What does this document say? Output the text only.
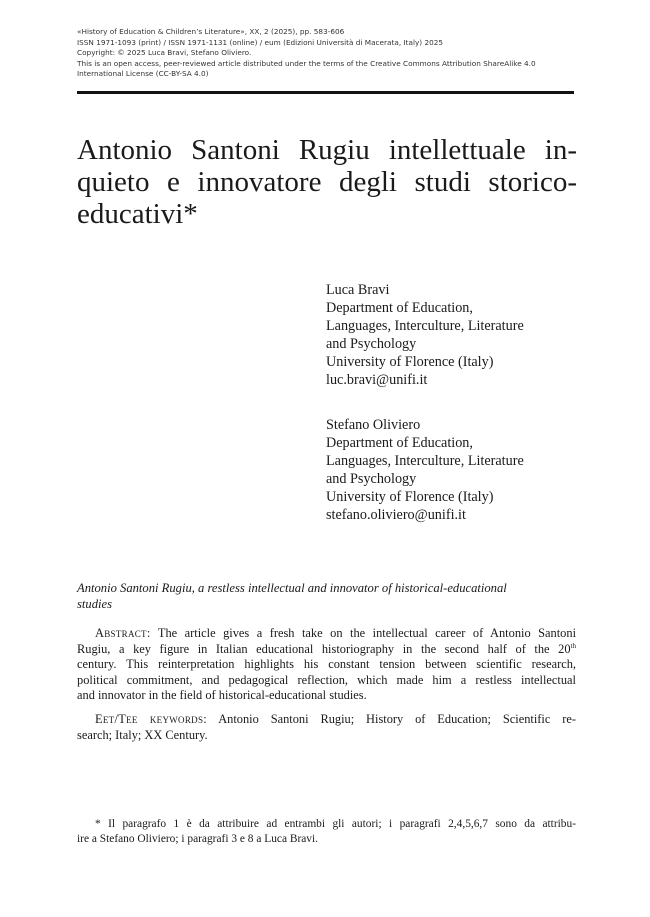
«History of Education & Children’s Literature», XX, 2 (2025), pp. 583-606
ISSN 1971-1093 (print) / ISSN 1971-1131 (online) / eum (Edizioni Università di Macerata, Italy) 2025
Copyright: © 2025 Luca Bravi, Stefano Oliviero.
This is an open access, peer-reviewed article distributed under the terms of the Creative Commons Attribution ShareAlike 4.0
International License (CC-BY-SA 4.0)
Antonio Santoni Rugiu intellettuale in-
quieto e innovatore degli studi storico-
educativi*
Luca Bravi
Department of Education,
Languages, Interculture, Literature
and Psychology
University of Florence (Italy)
luc.bravi@unifi.it
Stefano Oliviero
Department of Education,
Languages, Interculture, Literature
and Psychology
University of Florence (Italy)
stefano.oliviero@unifi.it
Antonio Santoni Rugiu, a restless intellectual and innovator of historical-educational
studies
Abstract: The article gives a fresh take on the intellectual career of Antonio Santoni
Rugiu, a key figure in Italian educational historiography in the second half of the 20th
century. This reinterpretation highlights his constant tension between scientific research,
political commitment, and pedagogical reflection, which made him a restless intellectual
and innovator in the field of historical-educational studies.
Eet/Tee keywords: Antonio Santoni Rugiu; History of Education; Scientific re-
search; Italy; XX Century.
* Il paragrafo 1 è da attribuire ad entrambi gli autori; i paragrafi 2,4,5,6,7 sono da attribu-
ire a Stefano Oliviero; i paragrafi 3 e 8 a Luca Bravi.
